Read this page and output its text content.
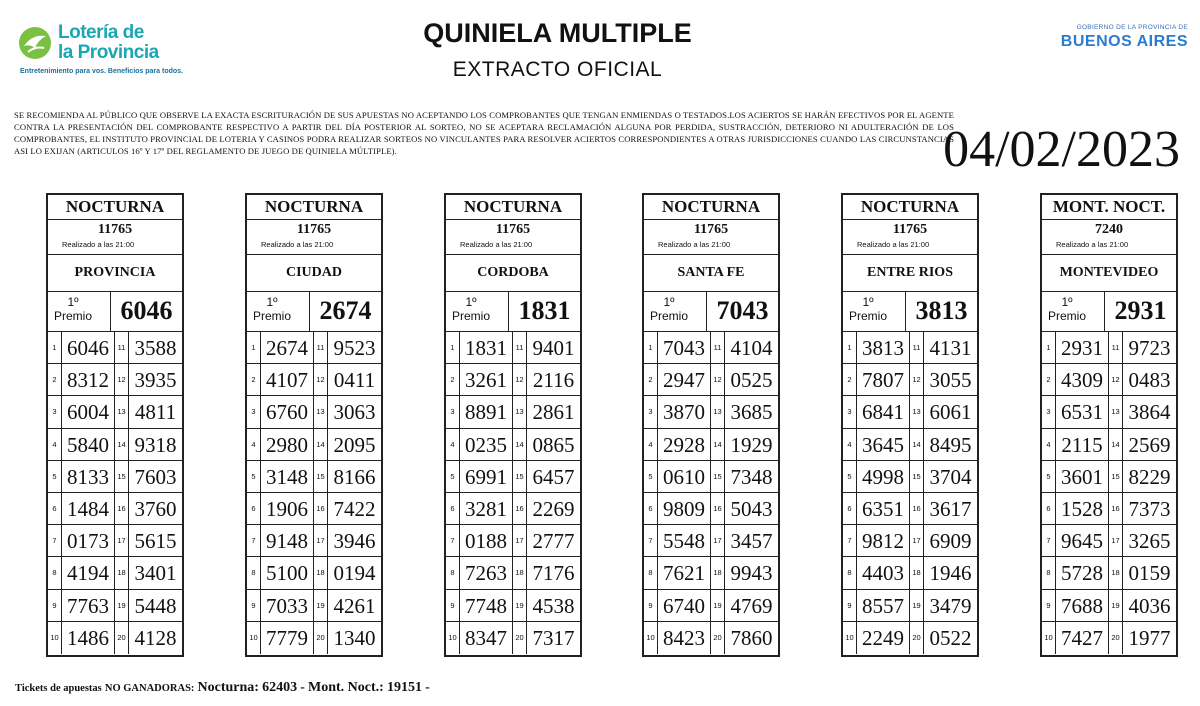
Lotería de
la Provincia
Entretenimiento para vos. Beneficios para todos.
QUINIELA MULTIPLE
EXTRACTO OFICIAL
GOBIERNO DE LA PROVINCIA DE
BUENOS AIRES
SE RECOMIENDA AL PÚBLICO QUE OBSERVE LA EXACTA ESCRITURACIÓN DE SUS APUESTAS NO ACEPTANDO LOS COMPROBANTES QUE TENGAN ENMIENDAS O TESTADOS.LOS ACIERTOS SE HARÁN EFECTIVOS POR EL AGENTE CONTRA LA PRESENTACIÓN DEL COMPROBANTE RESPECTIVO A PARTIR DEL DÍA POSTERIOR AL SORTEO, NO SE ACEPTARA RECLAMACIÓN ALGUNA POR PERDIDA, SUSTRACCIÓN, DETERIORO NI ADULTERACIÓN DE LOS COMPROBANTES, EL INSTITUTO PROVINCIAL DE LOTERIA Y CASINOS PODRA REALIZAR SORTEOS NO VINCULANTES PARA RESOLVER ACIERTOS CORRESPONDIENTES A OTRAS JURISDICCIONES CUANDO LAS CIRCUNSTANCIAS ASI LO EXIJAN (ARTICULOS 16º Y 17º DEL REGLAMENTO DE JUEGO DE QUINIELA MÚLTIPLE).	04/02/2023
NOCTURNA
11765
Realizado a las 21:00
PROVINCIA
1º
Premio	6046
1 6046	11 3588
2 8312	12 3935
3 6004	13 4811
4 5840	14 9318
5 8133	15 7603
6 1484	16 3760
7 0173	17 5615
8 4194	18 3401
9 7763	19 5448
10 1486	20 4128
NOCTURNA
11765
Realizado a las 21:00
CIUDAD
1º
Premio	2674
1 2674	11 9523
2 4107	12 0411
3 6760	13 3063
4 2980	14 2095
5 3148	15 8166
6 1906	16 7422
7 9148	17 3946
8 5100	18 0194
9 7033	19 4261
10 7779	20 1340
NOCTURNA
11765
Realizado a las 21:00
CORDOBA
1º
Premio	1831
1 1831	11 9401
2 3261	12 2116
3 8891	13 2861
4 0235	14 0865
5 6991	15 6457
6 3281	16 2269
7 0188	17 2777
8 7263	18 7176
9 7748	19 4538
10 8347	20 7317
NOCTURNA
11765
Realizado a las 21:00
SANTA FE
1º
Premio	7043
1 7043	11 4104
2 2947	12 0525
3 3870	13 3685
4 2928	14 1929
5 0610	15 7348
6 9809	16 5043
7 5548	17 3457
8 7621	18 9943
9 6740	19 4769
10 8423	20 7860
NOCTURNA
11765
Realizado a las 21:00
ENTRE RIOS
1º
Premio	3813
1 3813	11 4131
2 7807	12 3055
3 6841	13 6061
4 3645	14 8495
5 4998	15 3704
6 6351	16 3617
7 9812	17 6909
8 4403	18 1946
9 8557	19 3479
10 2249	20 0522
MONT. NOCT.
7240
Realizado a las 21:00
MONTEVIDEO
1º
Premio	2931
1 2931	11 9723
2 4309	12 0483
3 6531	13 3864
4 2115	14 2569
5 3601	15 8229
6 1528	16 7373
7 9645	17 3265
8 5728	18 0159
9 7688	19 4036
10 7427	20 1977
Tickets de apuestas NO GANADORAS: Nocturna: 62403 - Mont. Noct.: 19151 -
